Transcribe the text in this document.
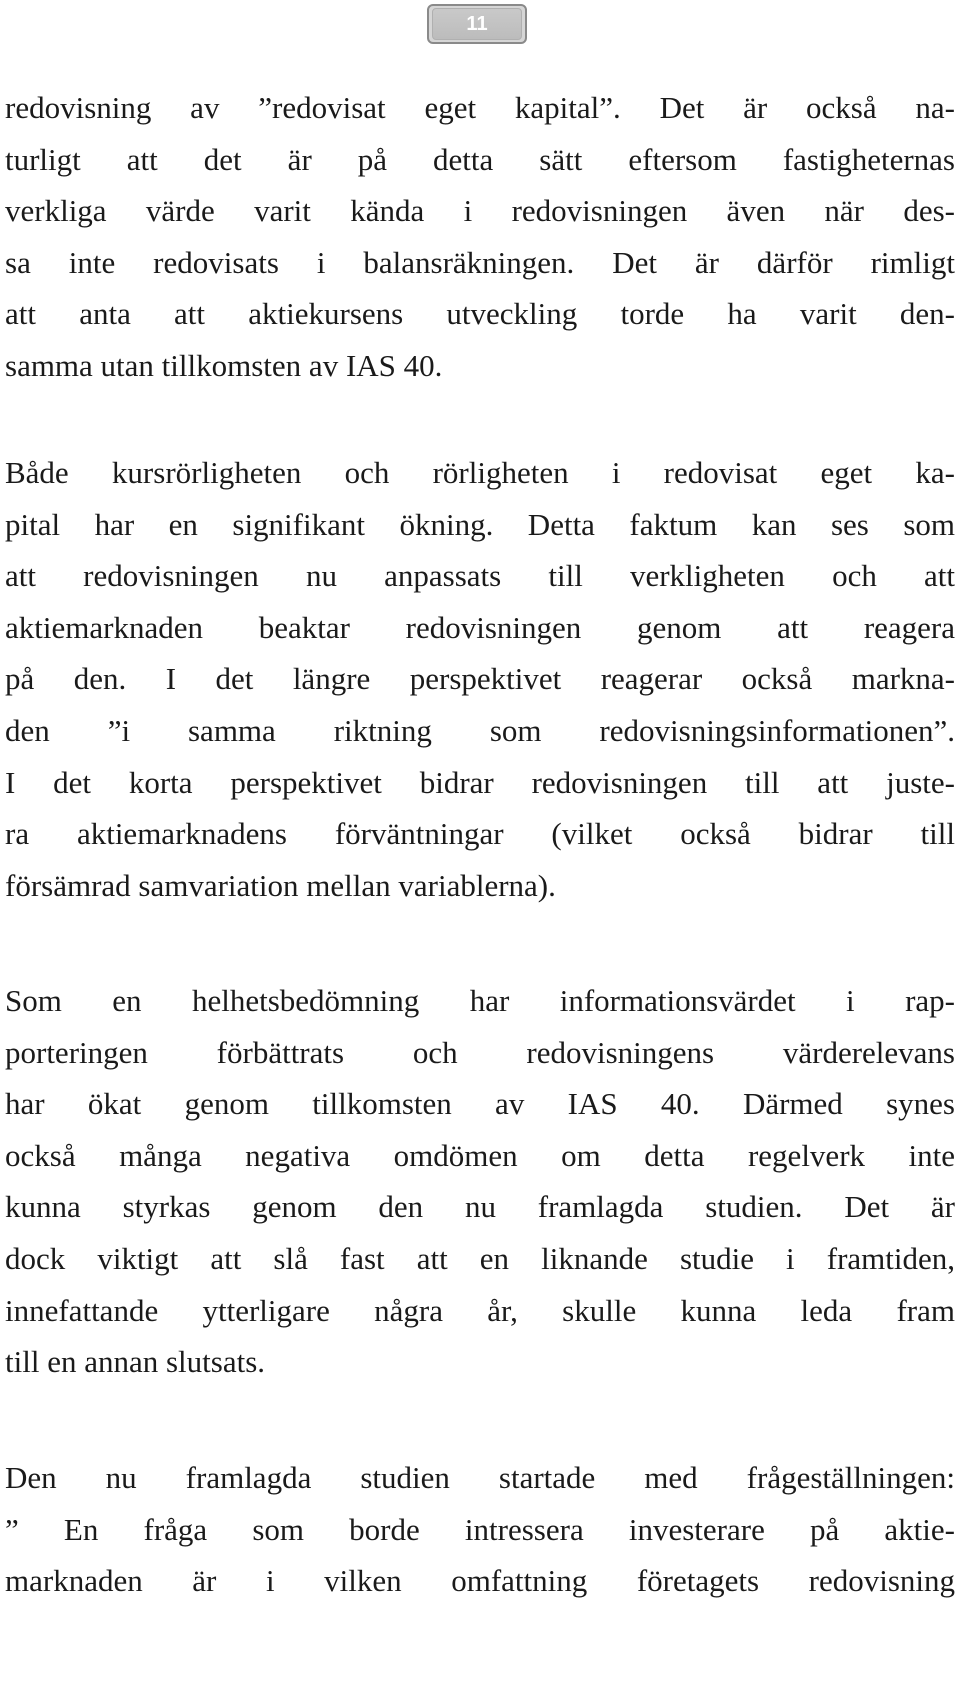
11
redovisning av ”redovisat eget kapital”. Det är också na-
turligt att det är på detta sätt eftersom fastigheternas
verkliga värde varit kända i redovisningen även när des-
sa inte redovisats i balansräkningen. Det är därför rimligt
att anta att aktiekursens utveckling torde ha varit den-
samma utan tillkomsten av IAS 40.
Både kursrörligheten och rörligheten i redovisat eget ka-
pital har en signifikant ökning. Detta faktum kan ses som
att redovisningen nu anpassats till verkligheten och att
aktiemarknaden beaktar redovisningen genom att reagera
på den. I det längre perspektivet reagerar också markna-
den ”i samma riktning som redovisningsinformationen”.
I det korta perspektivet bidrar redovisningen till att juste-
ra aktiemarknadens förväntningar (vilket också bidrar till
försämrad samvariation mellan variablerna).
Som en helhetsbedömning har informationsvärdet i rap-
porteringen förbättrats och redovisningens värderelevans
har ökat genom tillkomsten av IAS 40. Därmed synes
också många negativa omdömen om detta regelverk inte
kunna styrkas genom den nu framlagda studien. Det är
dock viktigt att slå fast att en liknande studie i framtiden,
innefattande ytterligare några år, skulle kunna leda fram
till en annan slutsats.
Den nu framlagda studien startade med frågeställningen:
” En fråga som borde intressera investerare på aktie-
marknaden är i vilken omfattning företagets redovisning
